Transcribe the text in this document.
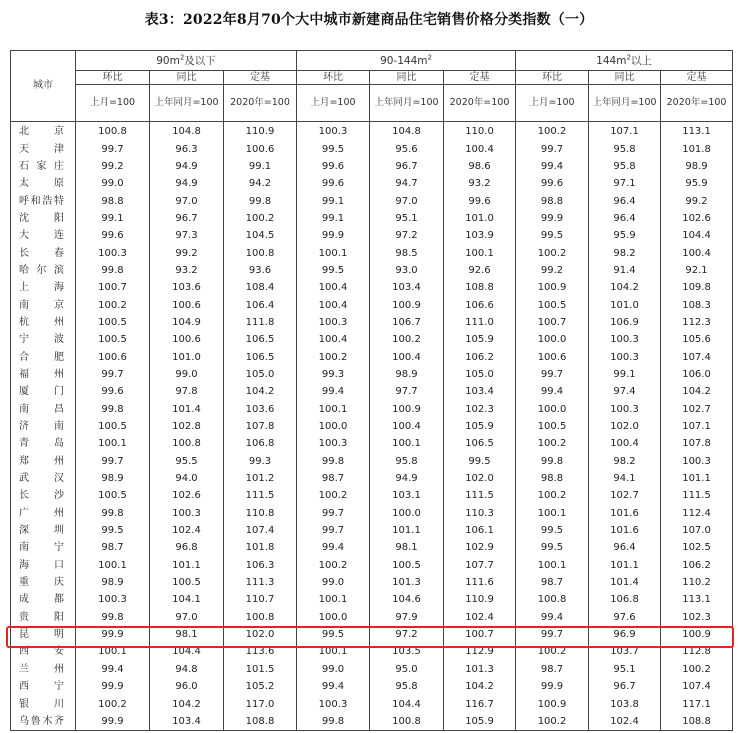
表3：2022年8月70个大中城市新建商品住宅销售价格分类指数（一）
城市	$90m^2$及以下			$90-144m^2$			$144m^2$以上		
	环比	同比	定基	环比	同比	定基	环比	同比	定基
	上月=100	上年同月=100	2020年=100	上月=100	上年同月=100	2020年=100	上月=100	上年同月=100	2020年=100
北京	100.8	104.8	110.9	100.3	104.8	110.0	100.2	107.1	113.1
天津	99.7	96.3	100.6	99.5	95.6	100.4	99.7	95.8	101.8
石家庄	99.2	94.9	99.1	99.6	96.7	98.6	99.4	95.8	98.9
太原	99.0	94.9	94.2	99.6	94.7	93.2	99.6	97.1	95.9
呼和浩特	98.8	97.0	99.8	99.1	97.0	99.6	98.8	96.4	99.2
沈阳	99.1	96.7	100.2	99.1	95.1	101.0	99.9	96.4	102.6
大连	99.6	97.3	104.5	99.9	97.2	103.9	99.5	95.9	104.4
长春	100.3	99.2	100.8	100.1	98.5	100.1	100.2	98.2	100.4
哈尔滨	99.8	93.2	93.6	99.5	93.0	92.6	99.2	91.4	92.1
上海	100.7	103.6	108.4	100.4	103.4	108.8	100.9	104.2	109.8
南京	100.2	100.6	106.4	100.4	100.9	106.6	100.5	101.0	108.3
杭州	100.5	104.9	111.8	100.3	106.7	111.0	100.7	106.9	112.3
宁波	100.5	100.6	106.5	100.4	100.2	105.9	100.0	100.3	105.6
合肥	100.6	101.0	106.5	100.2	100.4	106.2	100.6	100.3	107.4
福州	99.7	99.0	105.0	99.3	98.9	105.0	99.7	99.1	106.0
厦门	99.6	97.8	104.2	99.4	97.7	103.4	99.4	97.4	104.2
南昌	99.8	101.4	103.6	100.1	100.9	102.3	100.0	100.3	102.7
济南	100.5	102.8	107.8	100.0	100.4	105.9	100.5	102.0	107.1
青岛	100.1	100.8	106.8	100.3	100.1	106.5	100.2	100.4	107.8
郑州	99.7	95.5	99.3	99.8	95.8	99.5	99.8	98.2	100.3
武汉	98.9	94.0	101.2	98.7	94.9	102.0	98.8	94.1	101.1
长沙	100.5	102.6	111.5	100.2	103.1	111.5	100.2	102.7	111.5
广州	99.8	100.3	110.8	99.7	100.0	110.3	100.1	101.6	112.4
深圳	99.5	102.4	107.4	99.7	101.1	106.1	99.5	101.6	107.0
南宁	98.7	96.8	101.8	99.4	98.1	102.9	99.5	96.4	102.5
海口	100.1	101.1	106.3	100.2	100.5	107.7	100.1	101.1	106.2
重庆	98.9	100.5	111.3	99.0	101.3	111.6	98.7	101.4	110.2
成都	100.3	104.1	110.7	100.1	104.6	110.9	100.8	106.8	113.1
贵阳	99.8	97.0	100.8	100.0	97.9	102.4	99.4	97.6	102.3
昆明	99.9	98.1	102.0	99.5	97.2	100.7	99.7	96.9	100.9
西安	100.1	104.4	113.6	100.1	103.5	112.9	100.2	103.7	112.8
兰州	99.4	94.8	101.5	99.0	95.0	101.3	98.7	95.1	100.2
西宁	99.9	96.0	105.2	99.4	95.8	104.2	99.9	96.7	107.4
银川	100.2	104.2	117.0	100.3	104.4	116.7	100.9	103.8	117.1
乌鲁木齐	99.9	103.4	108.8	99.8	100.8	105.9	100.2	102.4	108.8
